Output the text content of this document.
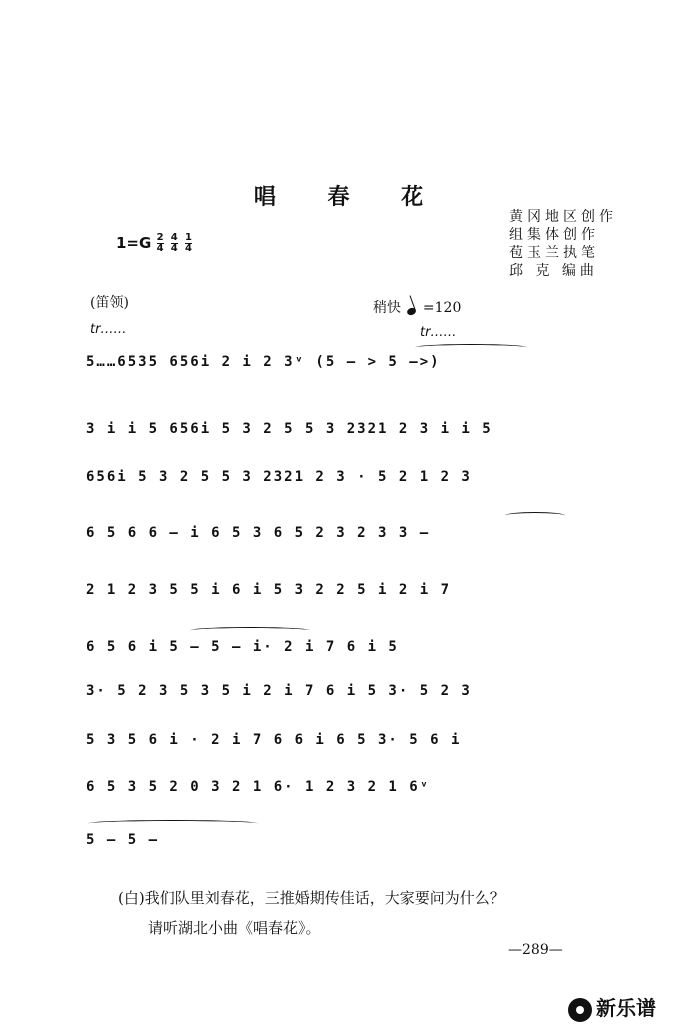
唱 春 花
黄冈地区创作
组集体创作
苞玉兰执笔
邱 克 编曲
$1=G \frac{2}{4} \frac{4}{4} \frac{1}{4}$
(笛领)	稍快 =120
tr……	tr……
5……6535 656i 2 i 2 3ᵛ (5 — > 5 —>)
3 i i 5 656i 5 3 2 5 5 3 2321 2 3 i i 5
656i 5 3 2 5 5 3 2321 2 3 · 5 2 1 2 3
6 5 6 6 — i 6 5 3 6 5 2 3 2 3 3 —
2 1 2 3 5 5 i 6 i 5 3 2 2 5 i 2 i 7
6 5 6 i 5 — 5 — i· 2 i 7 6 i 5
3· 5 2 3 5 3 5 i 2 i 7 6 i 5 3· 5 2 3
5 3 5 6 i · 2 i 7 6 6 i 6 5 3· 5 6 i
6 5 3 5 2 0 3 2 1 6· 1 2 3 2 1 6ᵛ
5 — 5 —
(白)我们队里刘春花，三推婚期传佳话，大家要问为什么？
请听湖北小曲《唱春花》。
—289—
新乐谱
